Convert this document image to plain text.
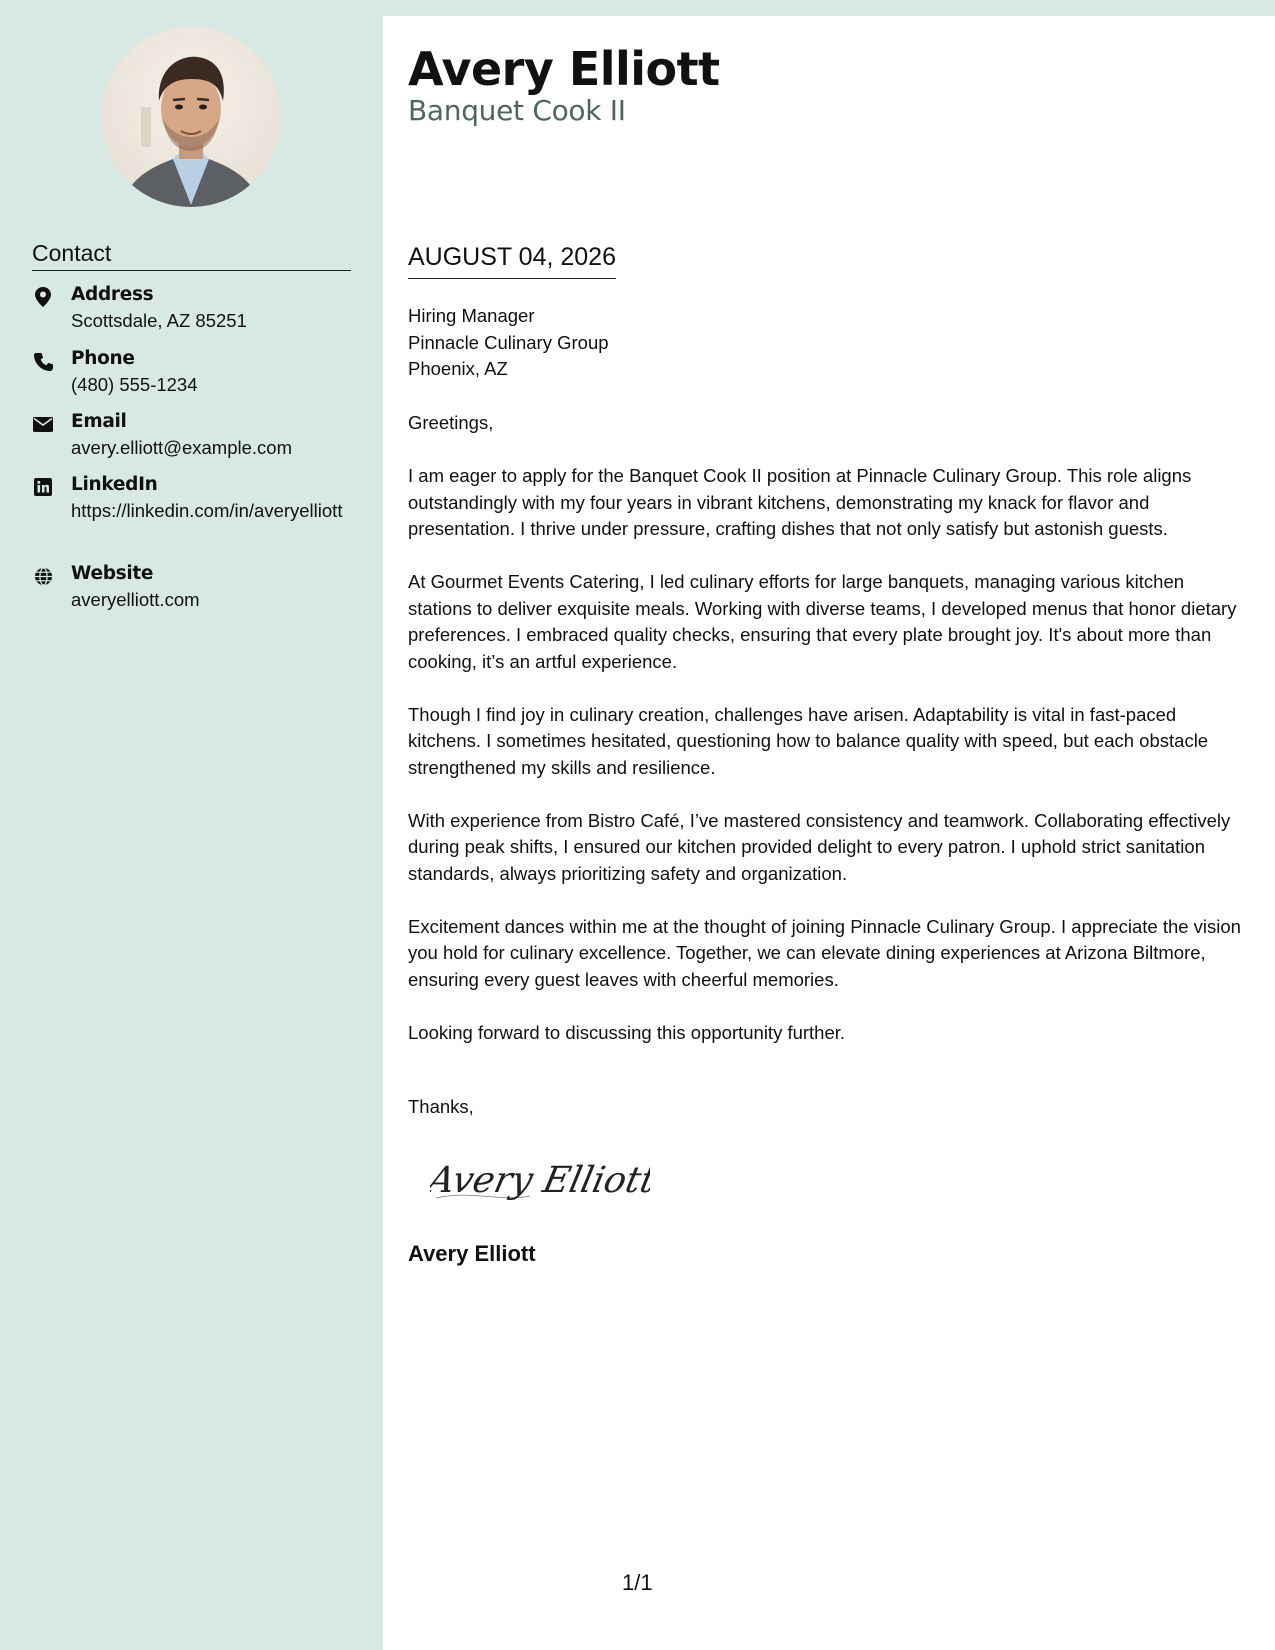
Contact
Address
Scottsdale, AZ 85251
Phone
(480) 555-1234
Email
avery.elliott@example.com
LinkedIn
https://linkedin.com/in/averyelliott
Website
averyelliott.com
Avery Elliott
Banquet Cook II
AUGUST 04, 2026
Hiring Manager
Pinnacle Culinary Group
Phoenix, AZ

Greetings,

I am eager to apply for the Banquet Cook II position at Pinnacle Culinary Group. This role aligns outstandingly with my four years in vibrant kitchens, demonstrating my knack for flavor and presentation. I thrive under pressure, crafting dishes that not only satisfy but astonish guests.

At Gourmet Events Catering, I led culinary efforts for large banquets, managing various kitchen stations to deliver exquisite meals. Working with diverse teams, I developed menus that honor dietary preferences. I embraced quality checks, ensuring that every plate brought joy. It's about more than cooking, it’s an artful experience.

Though I find joy in culinary creation, challenges have arisen. Adaptability is vital in fast-paced kitchens. I sometimes hesitated, questioning how to balance quality with speed, but each obstacle strengthened my skills and resilience.

With experience from Bistro Café, I’ve mastered consistency and teamwork. Collaborating effectively during peak shifts, I ensured our kitchen provided delight to every patron. I uphold strict sanitation standards, always prioritizing safety and organization.

Excitement dances within me at the thought of joining Pinnacle Culinary Group. I appreciate the vision you hold for culinary excellence. Together, we can elevate dining experiences at Arizona Biltmore, ensuring every guest leaves with cheerful memories.

Looking forward to discussing this opportunity further.

Thanks,
Avery Elliott
Avery Elliott
1/1
